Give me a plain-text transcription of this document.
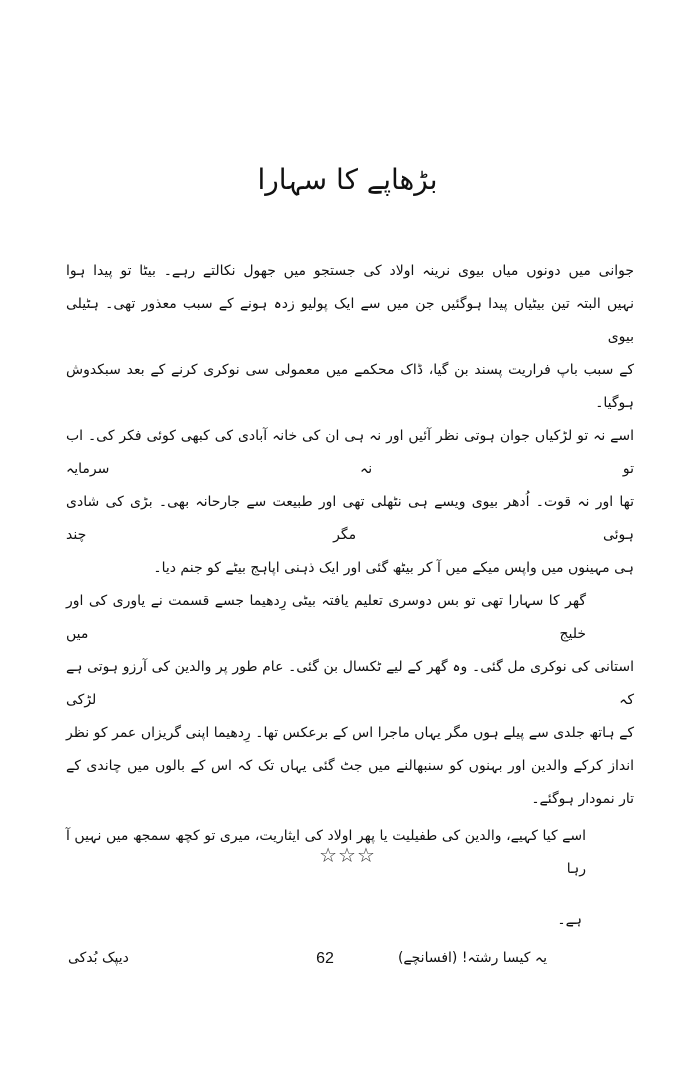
بڑھاپے کا سہارا
جوانی میں دونوں میاں بیوی نرینہ اولاد کی جستجو میں جھول نکالتے رہے۔ بیٹا تو پیدا ہوا
نہیں البتہ تین بیٹیاں پیدا ہوگئیں جن میں سے ایک پولیو زدہ ہونے کے سبب معذور تھی۔ ہٹیلی بیوی
کے سبب باپ فراریت پسند بن گیا، ڈاک محکمے میں معمولی سی نوکری کرنے کے بعد سبکدوش ہوگیا۔
اسے نہ تو لڑکیاں جوان ہوتی نظر آئیں اور نہ ہی ان کی خانہ آبادی کی کبھی کوئی فکر کی۔ اب تو نہ سرمایہ
تھا اور نہ قوت۔ اُدھر بیوی ویسے ہی نٹھلی تھی اور طبیعت سے جارحانہ بھی۔ بڑی کی شادی ہوئی مگر چند
ہی مہینوں میں واپس میکے میں آ کر بیٹھ گئی اور ایک ذہنی اپاہج بیٹے کو جنم دیا۔
گھر کا سہارا تھی تو بس دوسری تعلیم یافتہ بیٹی رِدھیما جسے قسمت نے یاوری کی اور خلیج میں
استانی کی نوکری مل گئی۔ وہ گھر کے لیے ٹکسال بن گئی۔ عام طور پر والدین کی آرزو ہوتی ہے کہ لڑکی
کے ہاتھ جلدی سے پیلے ہوں مگر یہاں ماجرا اس کے برعکس تھا۔ رِدھیما اپنی گریزاں عمر کو نظر
انداز کرکے والدین اور بہنوں کو سنبھالنے میں جٹ گئی یہاں تک کہ اس کے بالوں میں چاندی کے
تار نمودار ہوگئے۔
اسے کیا کہیے، والدین کی طفیلیت یا پھر اولاد کی ایثاریت، میری تو کچھ سمجھ میں نہیں آ رہا
ہے۔
☆☆☆
دیپک بُدکی	62	یہ کیسا رشتہ! (افسانچے)
